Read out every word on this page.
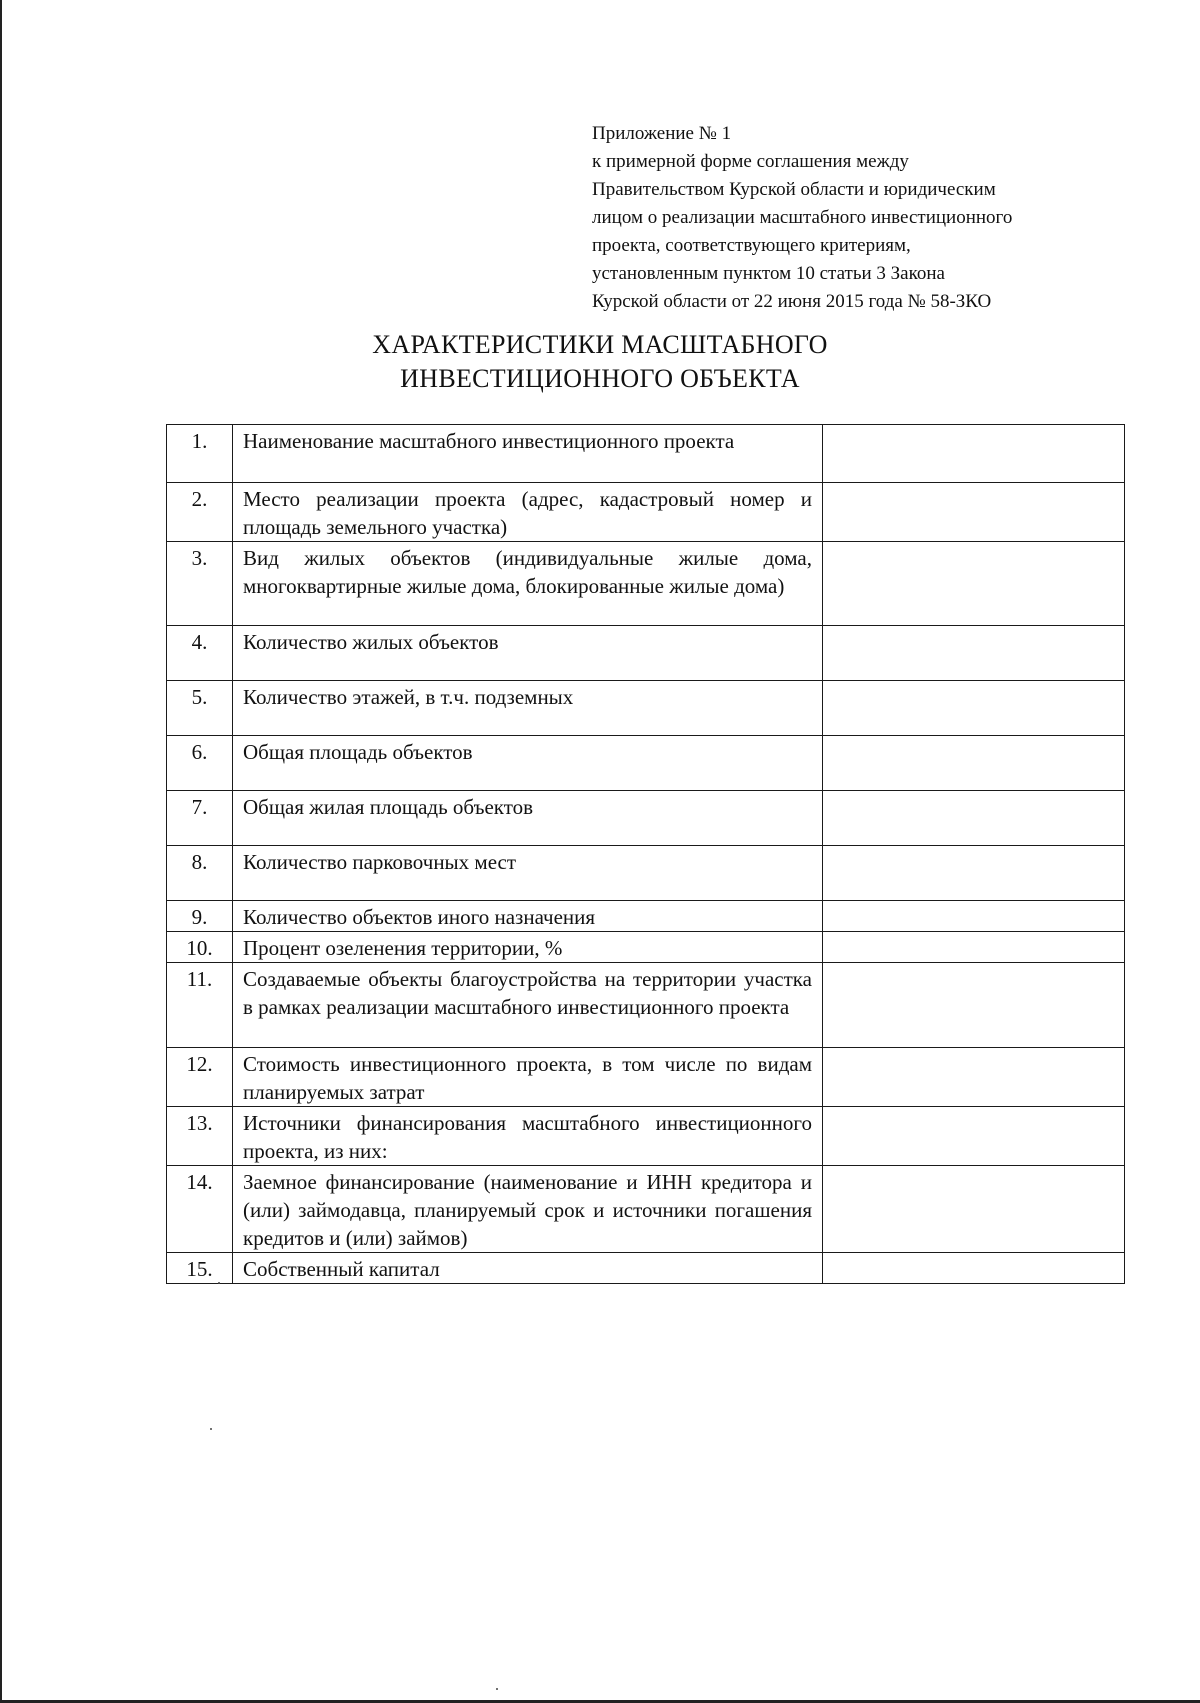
Приложение № 1
к примерной форме соглашения между
Правительством Курской области и юридическим
лицом о реализации масштабного инвестиционного
проекта, соответствующего критериям,
установленным пунктом 10 статьи 3 Закона
Курской области от 22 июня 2015 года № 58-ЗКО
ХАРАКТЕРИСТИКИ МАСШТАБНОГО
ИНВЕСТИЦИОННОГО ОБЪЕКТА
1.	Наименование масштабного инвестиционного проекта	
2.	Место реализации проекта (адрес, кадастровый номер и площадь земельного участка)	
3.	Вид жилых объектов (индивидуальные жилые дома, многоквартирные жилые дома, блокированные жилые дома)	
4.	Количество жилых объектов	
5.	Количество этажей, в т.ч. подземных	
6.	Общая площадь объектов	
7.	Общая жилая площадь объектов	
8.	Количество парковочных мест	
9.	Количество объектов иного назначения	
10.	Процент озеленения территории, %	
11.	Создаваемые объекты благоустройства на территории участка в рамках реализации масштабного инвестиционного проекта	
12.	Стоимость инвестиционного проекта, в том числе по видам планируемых затрат	
13.	Источники финансирования масштабного инвестиционного проекта, из них:	
14.	Заемное финансирование (наименование и ИНН кредитора и (или) займодавца, планируемый срок и источники погашения кредитов и (или) займов)	
15.	Собственный капитал	
